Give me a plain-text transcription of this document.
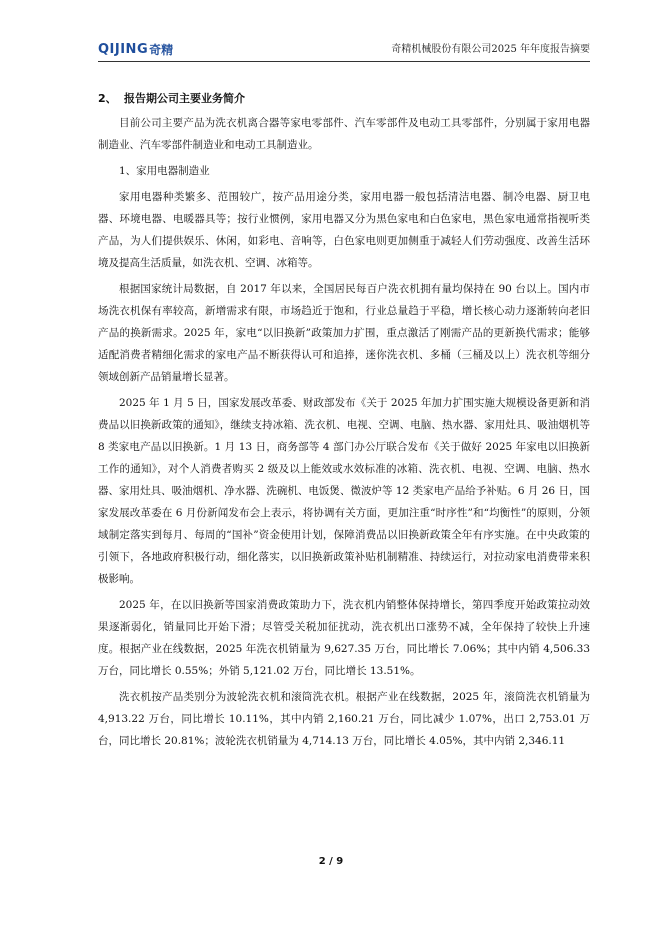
QIJING 奇精	奇精机械股份有限公司2025 年年度报告摘要
2、 报告期公司主要业务简介

目前公司主要产品为洗衣机离合器等家电零部件、汽车零部件及电动工具零部件，分别属于家用电器制造业、汽车零部件制造业和电动工具制造业。

1、家用电器制造业

家用电器种类繁多、范围较广，按产品用途分类，家用电器一般包括清洁电器、制冷电器、厨卫电器、环境电器、电暖器具等；按行业惯例，家用电器又分为黑色家电和白色家电，黑色家电通常指视听类产品，为人们提供娱乐、休闲，如彩电、音响等，白色家电则更加侧重于减轻人们劳动强度、改善生活环境及提高生活质量，如洗衣机、空调、冰箱等。

根据国家统计局数据，自 2017 年以来，全国居民每百户洗衣机拥有量均保持在 90 台以上。国内市场洗衣机保有率较高，新增需求有限，市场趋近于饱和，行业总量趋于平稳，增长核心动力逐渐转向老旧产品的换新需求。2025 年，家电“以旧换新”政策加力扩围，重点激活了刚需产品的更新换代需求；能够适配消费者精细化需求的家电产品不断获得认可和追捧，迷你洗衣机、多桶（三桶及以上）洗衣机等细分领域创新产品销量增长显著。

2025 年 1 月 5 日，国家发展改革委、财政部发布《关于 2025 年加力扩围实施大规模设备更新和消费品以旧换新政策的通知》，继续支持冰箱、洗衣机、电视、空调、电脑、热水器、家用灶具、吸油烟机等 8 类家电产品以旧换新。1 月 13 日，商务部等 4 部门办公厅联合发布《关于做好 2025 年家电以旧换新工作的通知》，对个人消费者购买 2 级及以上能效或水效标准的冰箱、洗衣机、电视、空调、电脑、热水器、家用灶具、吸油烟机、净水器、洗碗机、电饭煲、微波炉等 12 类家电产品给予补贴。6 月 26 日，国家发展改革委在 6 月份新闻发布会上表示，将协调有关方面，更加注重“时序性”和“均衡性”的原则，分领域制定落实到每月、每周的“国补”资金使用计划，保障消费品以旧换新政策全年有序实施。在中央政策的引领下，各地政府积极行动，细化落实，以旧换新政策补贴机制精准、持续运行，对拉动家电消费带来积极影响。

2025 年，在以旧换新等国家消费政策助力下，洗衣机内销整体保持增长，第四季度开始政策拉动效果逐渐弱化，销量同比开始下滑；尽管受关税加征扰动，洗衣机出口涨势不减，全年保持了较快上升速度。根据产业在线数据，2025 年洗衣机销量为 9,627.35 万台，同比增长 7.06%；其中内销 4,506.33 万台，同比增长 0.55%；外销 5,121.02 万台，同比增长 13.51%。

洗衣机按产品类别分为波轮洗衣机和滚筒洗衣机。根据产业在线数据，2025 年，滚筒洗衣机销量为 4,913.22 万台，同比增长 10.11%，其中内销 2,160.21 万台，同比减少 1.07%，出口 2,753.01 万台，同比增长 20.81%；波轮洗衣机销量为 4,714.13 万台，同比增长 4.05%，其中内销 2,346.11

2 / 9
